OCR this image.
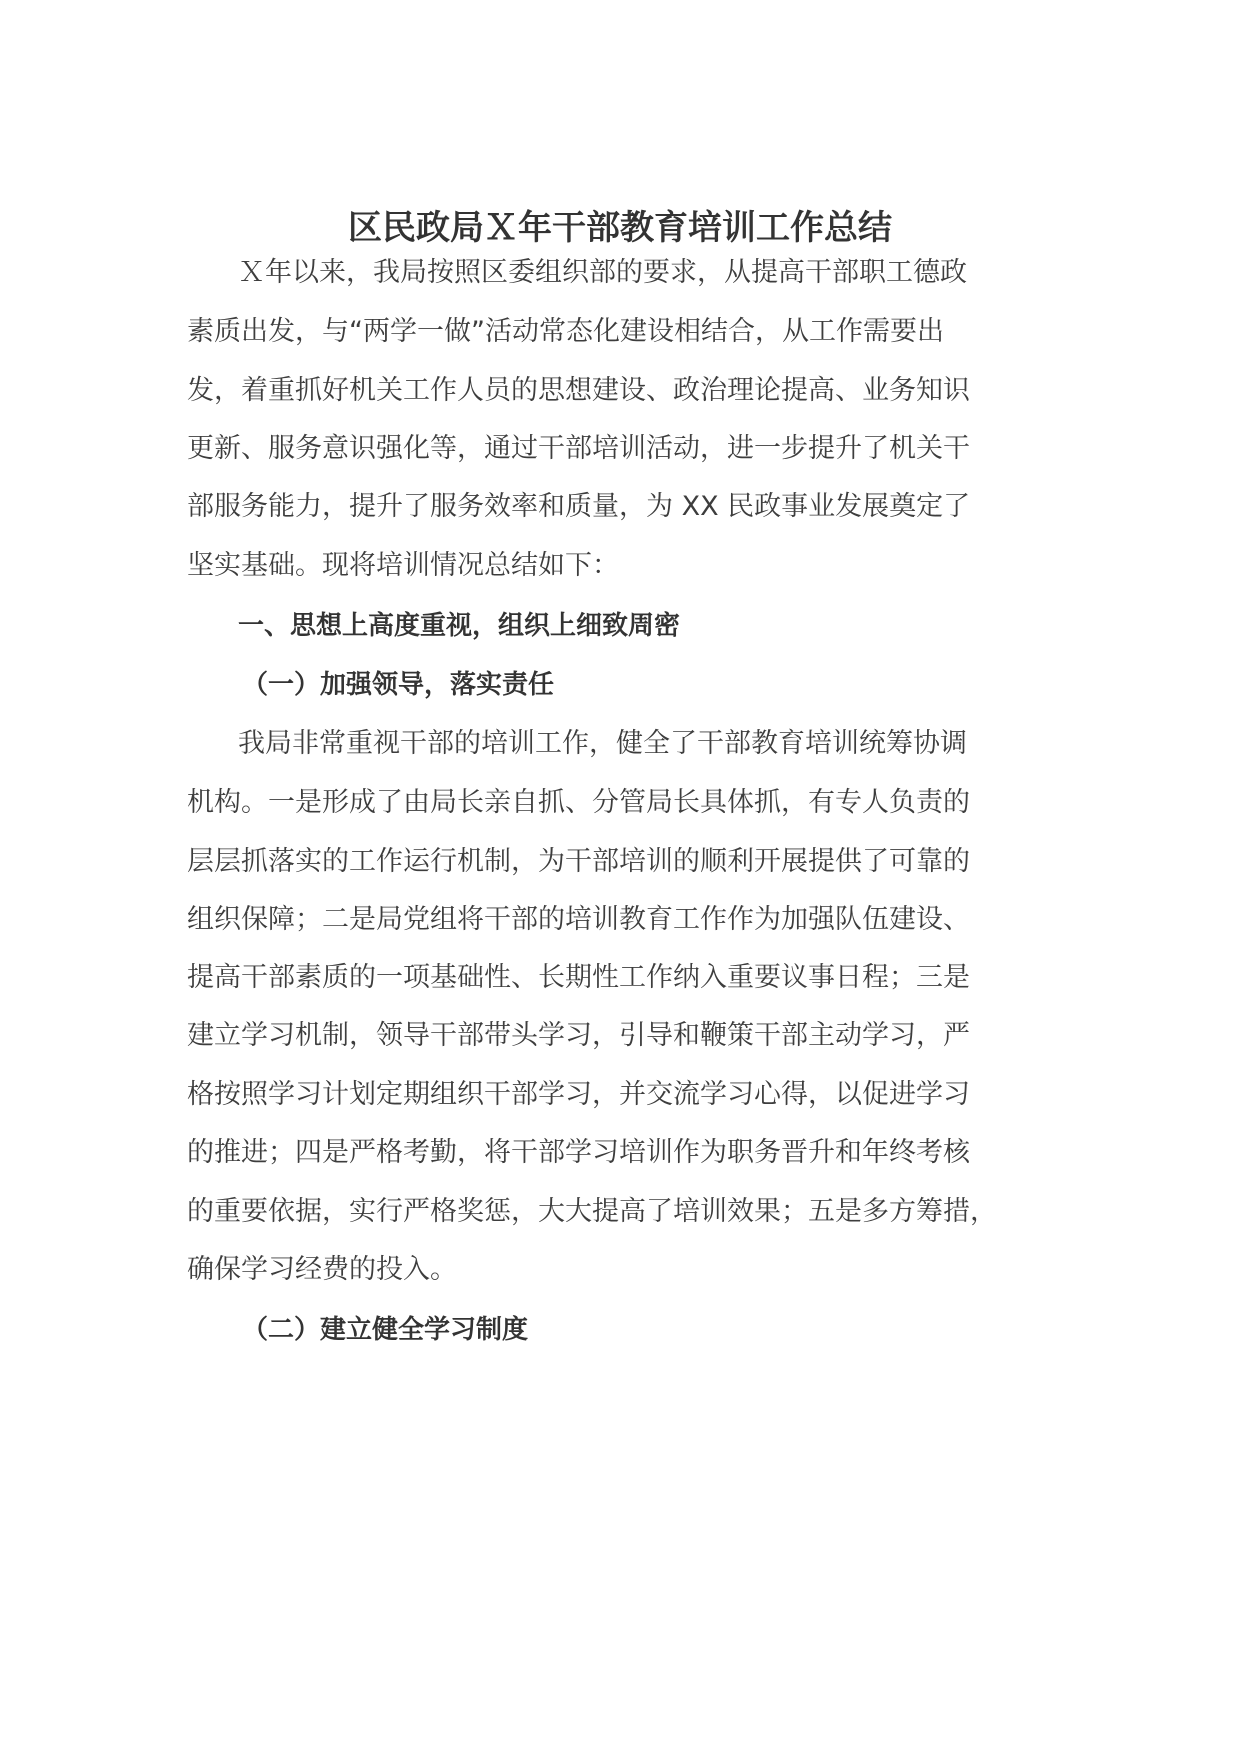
区民政局Ｘ年干部教育培训工作总结
Ｘ年以来，我局按照区委组织部的要求，从提高干部职工德政
素质出发，与“两学一做”活动常态化建设相结合，从工作需要出
发，着重抓好机关工作人员的思想建设、政治理论提高、业务知识
更新、服务意识强化等，通过干部培训活动，进一步提升了机关干
部服务能力，提升了服务效率和质量，为 XX 民政事业发展奠定了
坚实基础。现将培训情况总结如下：
一、思想上高度重视，组织上细致周密
（一）加强领导，落实责任
我局非常重视干部的培训工作，健全了干部教育培训统筹协调
机构。一是形成了由局长亲自抓、分管局长具体抓，有专人负责的
层层抓落实的工作运行机制，为干部培训的顺利开展提供了可靠的
组织保障；二是局党组将干部的培训教育工作作为加强队伍建设、
提高干部素质的一项基础性、长期性工作纳入重要议事日程；三是
建立学习机制，领导干部带头学习，引导和鞭策干部主动学习，严
格按照学习计划定期组织干部学习，并交流学习心得，以促进学习
的推进；四是严格考勤，将干部学习培训作为职务晋升和年终考核
的重要依据，实行严格奖惩，大大提高了培训效果；五是多方筹措，
确保学习经费的投入。
（二）建立健全学习制度
